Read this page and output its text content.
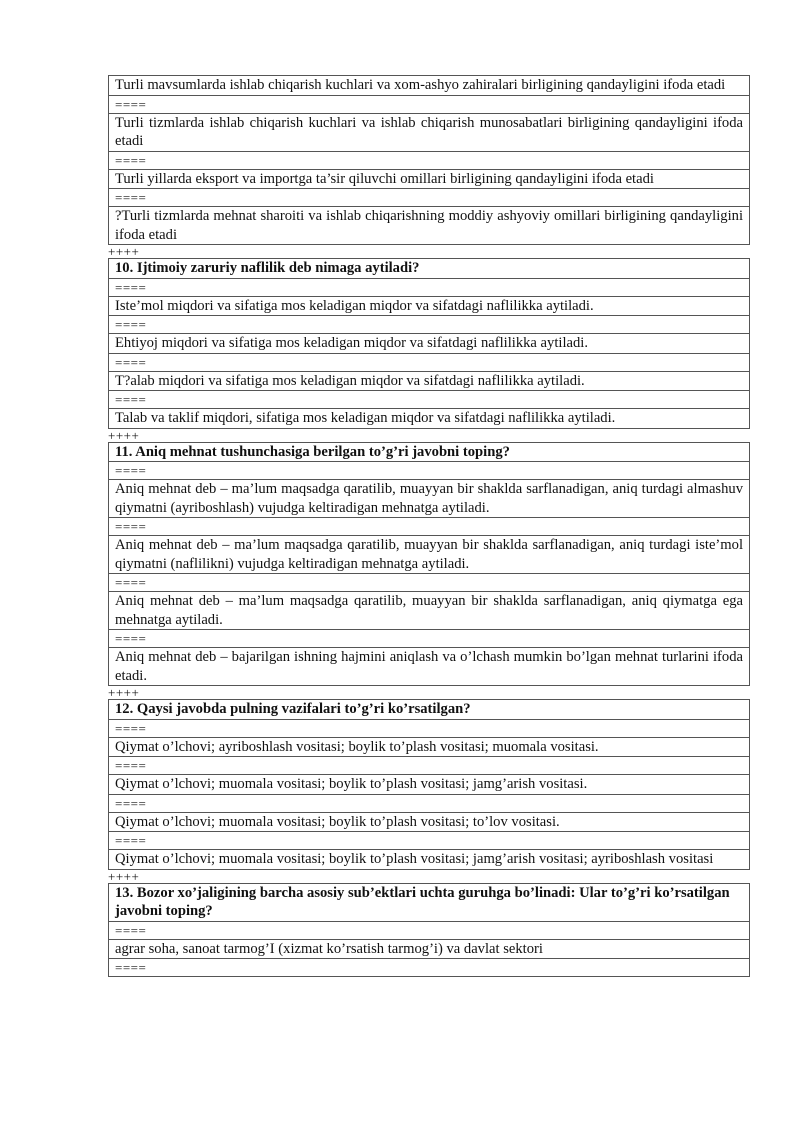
Turli mavsumlarda ishlab chiqarish kuchlari va xom-ashyo zahiralari birligining qandayligini ifoda etadi
====
Turli tizmlarda ishlab chiqarish kuchlari va ishlab chiqarish munosabatlari birligining qandayligini ifoda etadi
====
Turli yillarda eksport va importga ta’sir qiluvchi omillari birligining qandayligini ifoda etadi
====
?Turli tizmlarda mehnat sharoiti va ishlab chiqarishning moddiy ashyoviy omillari birligining qandayligini ifoda etadi
++++
10. Ijtimoiy zaruriy naflilik deb nimaga aytiladi?
====
Iste’mol miqdori va sifatiga mos keladigan miqdor va sifatdagi naflilikka aytiladi.
====
Ehtiyoj miqdori va sifatiga mos keladigan miqdor va sifatdagi naflilikka aytiladi.
====
T?alab miqdori va sifatiga mos keladigan miqdor va sifatdagi naflilikka aytiladi.
====
Talab va taklif miqdori, sifatiga mos keladigan miqdor va sifatdagi naflilikka aytiladi.
++++
11. Aniq mehnat tushunchasiga berilgan to’g’ri javobni toping?
====
Aniq mehnat deb – ma’lum maqsadga qaratilib, muayyan bir shaklda sarflanadigan, aniq turdagi almashuv qiymatni (ayriboshlash) vujudga keltiradigan mehnatga aytiladi.
====
Aniq mehnat deb – ma’lum maqsadga qaratilib, muayyan bir shaklda sarflanadigan, aniq turdagi iste’mol qiymatni (naflilikni) vujudga keltiradigan mehnatga aytiladi.
====
Aniq mehnat deb – ma’lum maqsadga qaratilib, muayyan bir shaklda sarflanadigan, aniq qiymatga ega mehnatga aytiladi.
====
Aniq mehnat deb – bajarilgan ishning hajmini aniqlash va o’lchash mumkin bo’lgan mehnat turlarini ifoda etadi.
++++
12. Qaysi javobda pulning vazifalari to’g’ri ko’rsatilgan?
====
Qiymat o’lchovi; ayriboshlash vositasi; boylik to’plash vositasi; muomala vositasi.
====
Qiymat o’lchovi; muomala vositasi; boylik to’plash vositasi; jamg’arish vositasi.
====
Qiymat o’lchovi; muomala vositasi; boylik to’plash vositasi; to’lov vositasi.
====
Qiymat o’lchovi; muomala vositasi; boylik to’plash vositasi; jamg’arish vositasi; ayriboshlash vositasi
++++
13. Bozor xo’jaligining barcha asosiy sub’ektlari uchta guruhga bo’linadi: Ular to’g’ri ko’rsatilgan javobni toping?
====
agrar soha, sanoat tarmog’I (xizmat ko’rsatish tarmog’i) va davlat sektori
====
